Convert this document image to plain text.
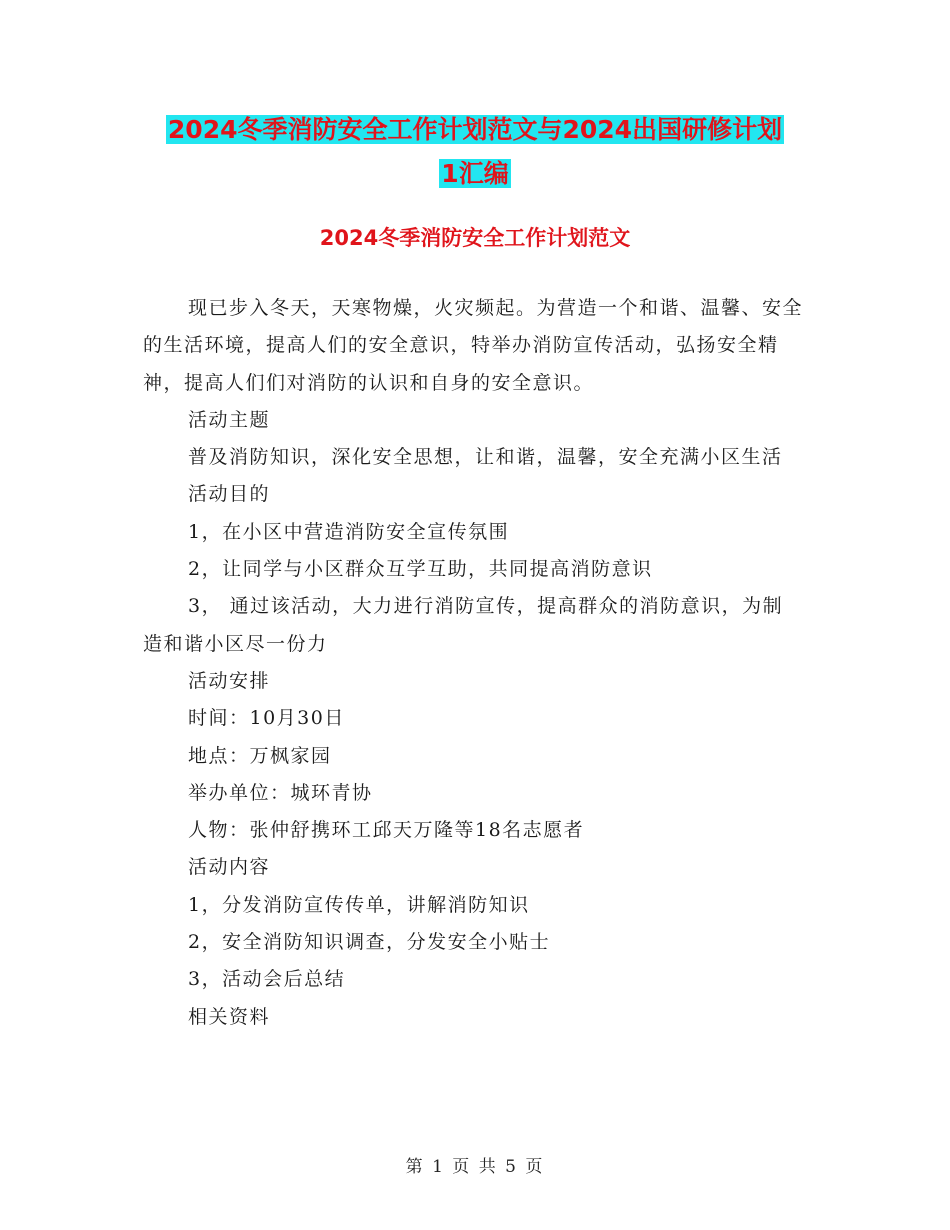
2024冬季消防安全工作计划范文与2024出国研修计划
1汇编
2024冬季消防安全工作计划范文

现已步入冬天，天寒物燥，火灾频起。为营造一个和谐、温馨、安全的生活环境，提高人们的安全意识，特举办消防宣传活动，弘扬安全精神，提高人们们对消防的认识和自身的安全意识。

活动主题

普及消防知识，深化安全思想，让和谐，温馨，安全充满小区生活

活动目的

1，在小区中营造消防安全宣传氛围

2，让同学与小区群众互学互助，共同提高消防意识

3， 通过该活动，大力进行消防宣传，提高群众的消防意识，为制造和谐小区尽一份力

活动安排

时间：10月30日

地点：万枫家园

举办单位：城环青协

人物：张仲舒携环工邱天万隆等18名志愿者

活动内容

1，分发消防宣传传单，讲解消防知识

2，安全消防知识调查，分发安全小贴士

3，活动会后总结

相关资料

第 1 页 共 5 页
